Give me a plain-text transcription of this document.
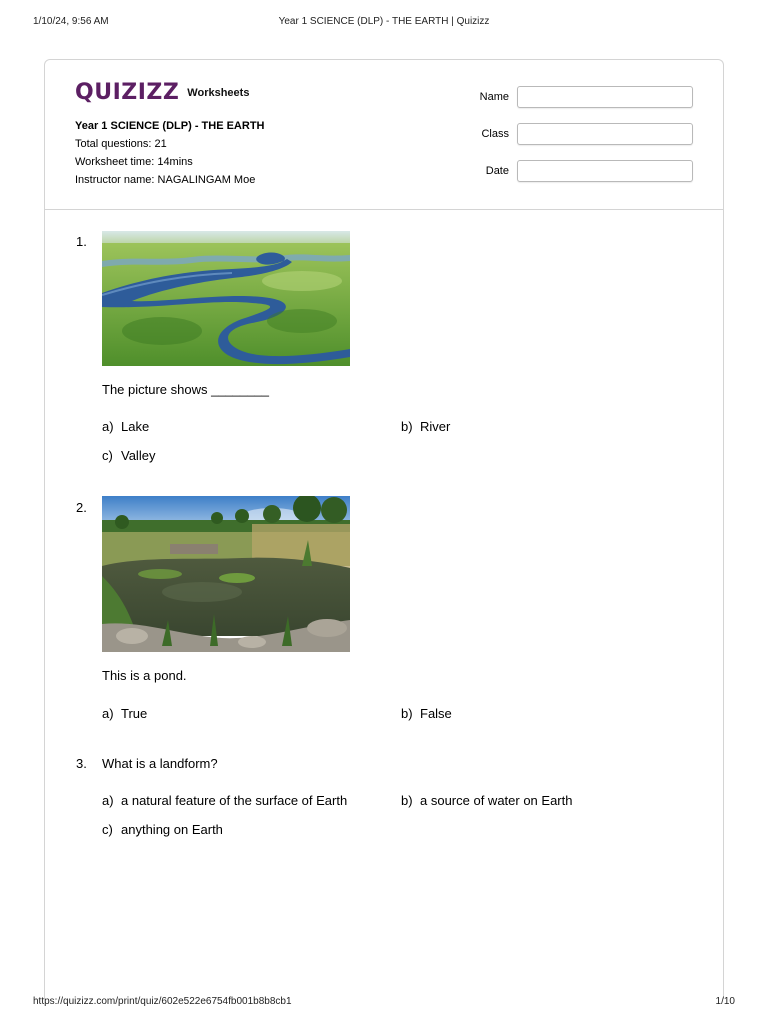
1/10/24, 9:56 AM	Year 1 SCIENCE (DLP) - THE EARTH | Quizizz
QUIZIZZ Worksheets
Year 1 SCIENCE (DLP) - THE EARTH
Total questions: 21
Worksheet time: 14mins
Instructor name: NAGALINGAM Moe
Name
Class
Date
1.
The picture shows ________
a) Lake	b) River
c) Valley
2.
This is a pond.
a) True	b) False
3. What is a landform?
a) a natural feature of the surface of Earth	b) a source of water on Earth
c) anything on Earth
https://quizizz.com/print/quiz/602e522e6754fb001b8b8cb1	1/10
